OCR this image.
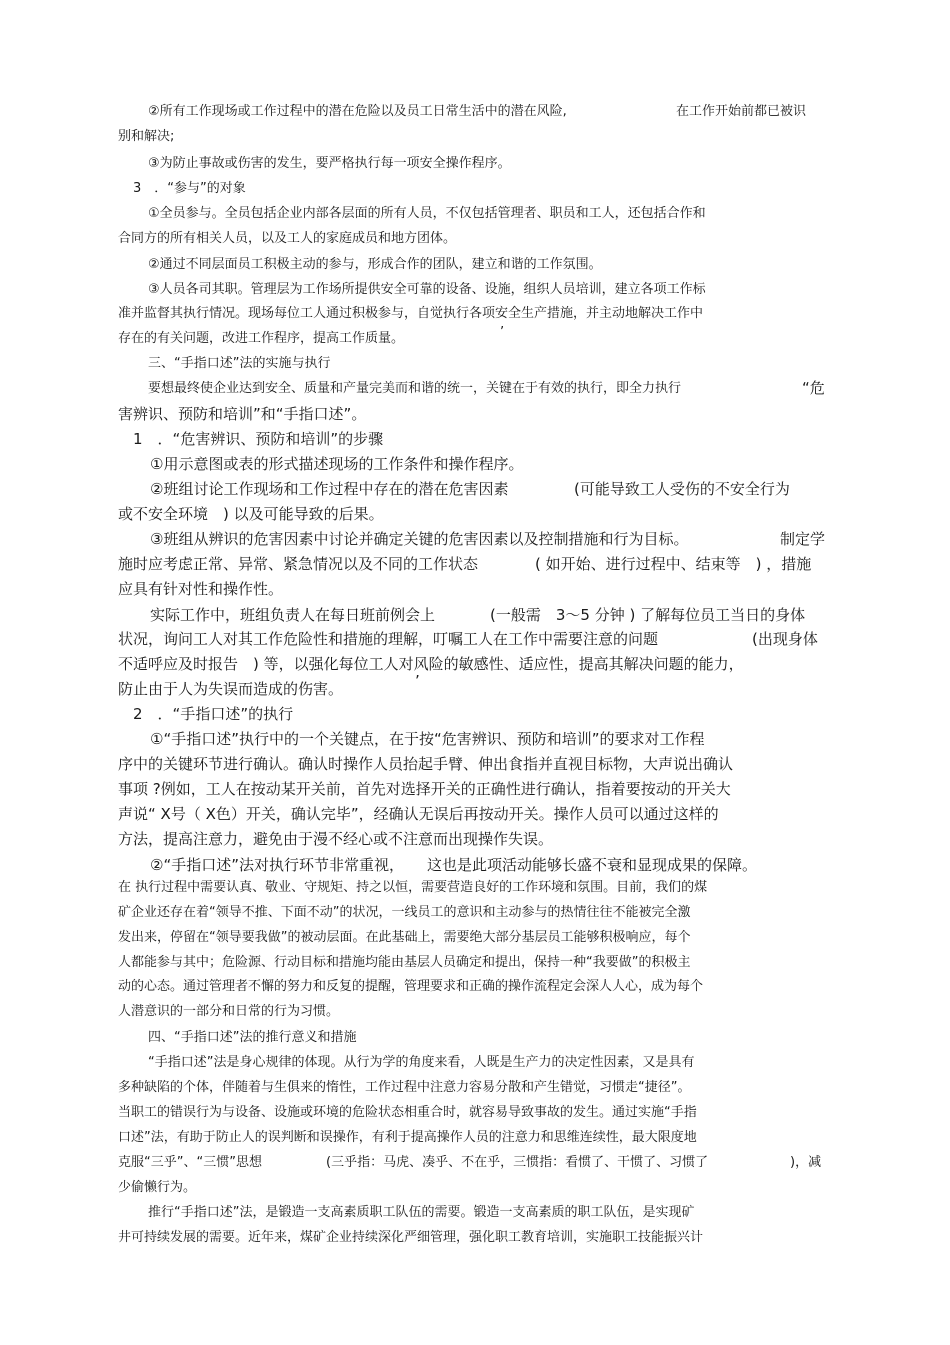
②所有工作现场或工作过程中的潜在危险以及员工日常生活中的潜在风险,	在工作开始前都已被识
别和解决;
③为防止事故或伤害的发生，要严格执行每一项安全操作程序。
3　．“参与”的对象
①全员参与。全员包括企业内部各层面的所有人员，不仅包括管理者、职员和工人，还包括合作和
合同方的所有相关人员，以及工人的家庭成员和地方团体。
②通过不同层面员工积极主动的参与，形成合作的团队，建立和谐的工作氛围。
③人员各司其职。管理层为工作场所提供安全可靠的设备、设施，组织人员培训，建立各项工作标
准并监督其执行情况。现场每位工人通过积极参与，自觉执行各项安全生产措施，并主动地解决工作中
存在的有关问题，改进工作程序，提高工作质量。	’
三、“手指口述”法的实施与执行
要想最终使企业达到安全、质量和产量完美而和谐的统一，关键在于有效的执行，即全力执行	“危
害辨识、预防和培训”和“手指口述”。
1　．“危害辨识、预防和培训”的步骤
①用示意图或表的形式描述现场的工作条件和操作程序。
②班组讨论工作现场和工作过程中存在的潜在危害因素	(可能导致工人受伤的不安全行为
或不安全环境　) 以及可能导致的后果。
③班组从辨识的危害因素中讨论并确定关键的危害因素以及控制措施和行为目标。	制定学
施时应考虑正常、异常、紧急情况以及不同的工作状态	( 如开始、进行过程中、结束等　) ，措施
应具有针对性和操作性。
实际工作中，班组负责人在每日班前例会上	(一般需　3～5 分钟 ) 了解每位员工当日的身体
状况，询问工人对其工作危险性和措施的理解，叮嘱工人在工作中需要注意的问题	(出现身体
不适呼应及时报告　) 等，以强化每位工人对风险的敏感性、适应性，提高其解决问题的能力，
防止由于人为失误而造成的伤害。	’
2　．“手指口述”的执行
①“手指口述”执行中的一个关键点，在于按“危害辨识、预防和培训”的要求对工作程
序中的关键环节进行确认。确认时操作人员抬起手臂、伸出食指并直视目标物，大声说出确认
事项 ?例如，工人在按动某开关前，首先对选择开关的正确性进行确认，指着要按动的开关大
声说“ X号（ X色）开关，确认完毕”，经确认无误后再按动开关。操作人员可以通过这样的
方法，提高注意力，避免由于漫不经心或不注意而出现操作失误。
②“手指口述”法对执行环节非常重视， 这也是此项活动能够长盛不衰和显现成果的保障。
在 执行过程中需要认真、敬业、守规矩、持之以恒，需要营造良好的工作环境和氛围。目前，我们的煤
矿企业还存在着“领导不推、下面不动”的状况，一线员工的意识和主动参与的热情往往不能被完全激
发出来，停留在“领导要我做”的被动层面。在此基础上，需要绝大部分基层员工能够积极响应，每个
人都能参与其中；危险源、行动目标和措施均能由基层人员确定和提出，保持一种“我要做”的积极主
动的心态。通过管理者不懈的努力和反复的提醒，管理要求和正确的操作流程定会深人人心，成为每个
人潜意识的一部分和日常的行为习惯。
四、“手指口述”法的推行意义和措施
“手指口述”法是身心规律的体现。从行为学的角度来看，人既是生产力的决定性因素，又是具有
多种缺陷的个体，伴随着与生俱来的惰性，工作过程中注意力容易分散和产生错觉，习惯走“捷径”。
当职工的错误行为与设备、设施或环境的危险状态相重合时，就容易导致事故的发生。通过实施“手指
口述”法，有助于防止人的误判断和误操作，有利于提高操作人员的注意力和思维连续性，最大限度地
克服“三乎”、“三惯”思想	(三乎指：马虎、凑乎、不在乎，三惯指：看惯了、干惯了、习惯了	)，减
少偷懒行为。
推行“手指口述”法，是锻造一支高素质职工队伍的需要。锻造一支高素质的职工队伍，是实现矿
井可持续发展的需要。近年来，煤矿企业持续深化严细管理，强化职工教育培训，实施职工技能振兴计
